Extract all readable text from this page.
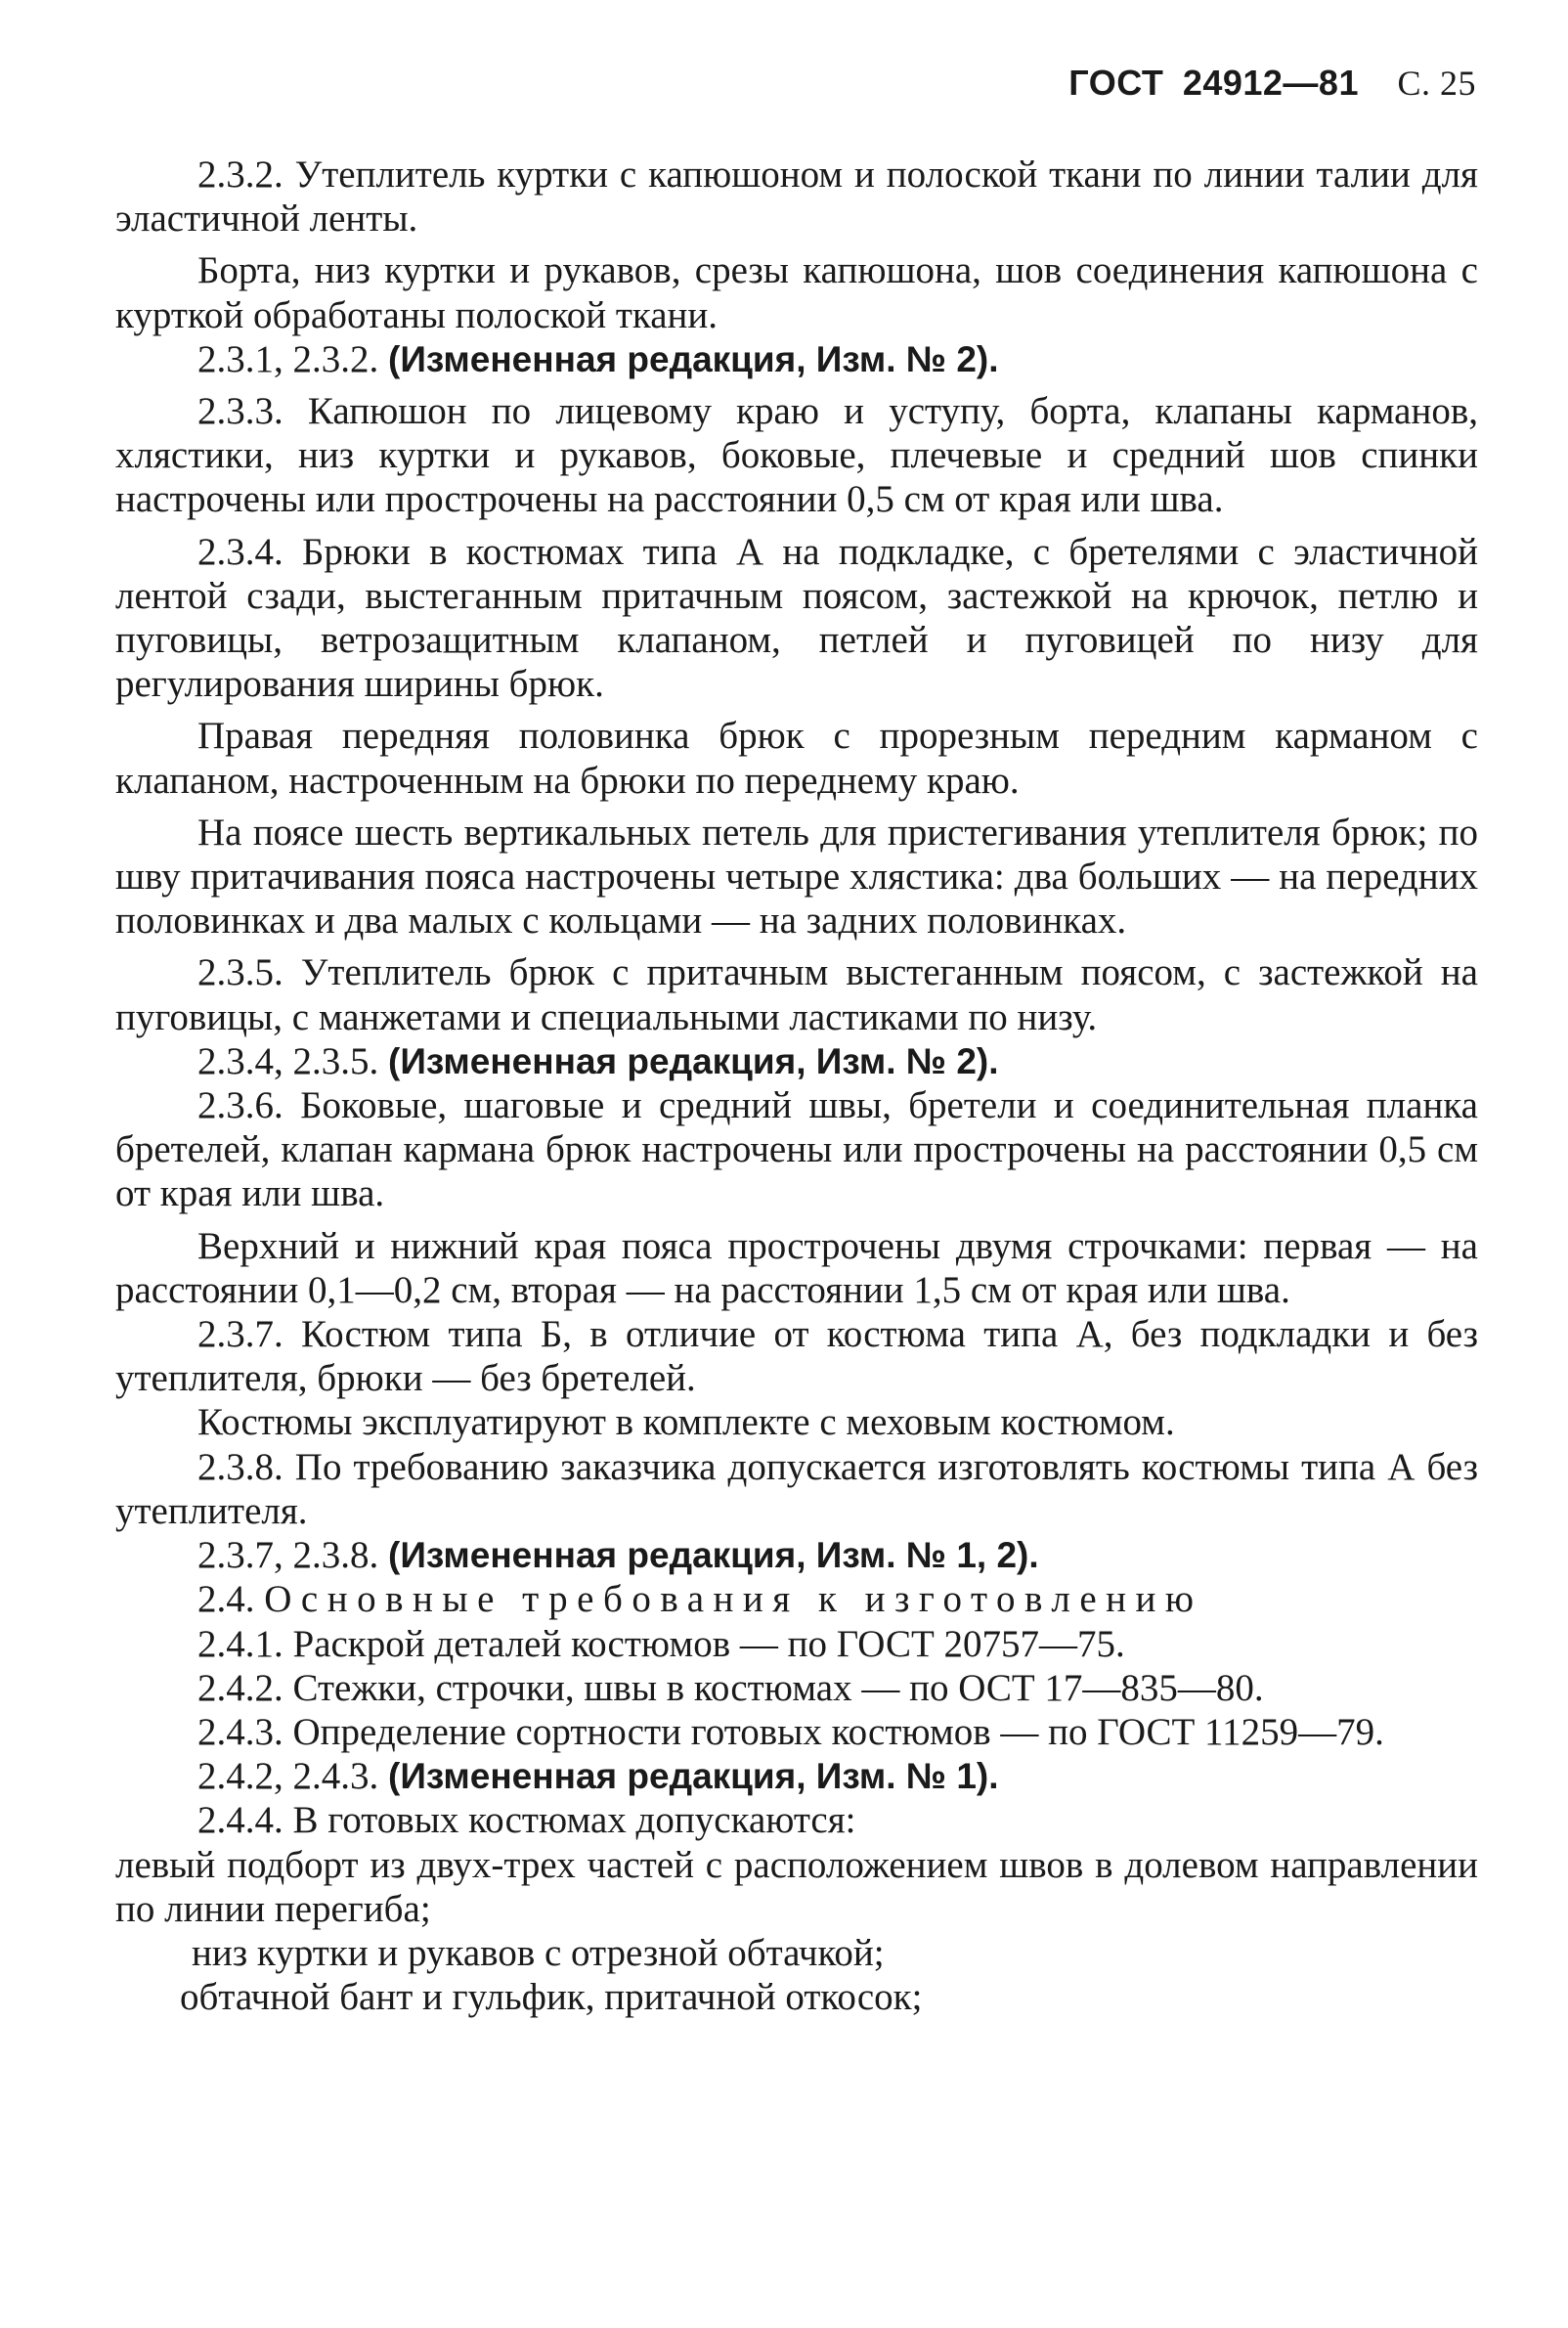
ГОСТ 24912—81 С. 25

2.3.2. Утеплитель куртки с капюшоном и полоской ткани по линии талии для эластичной ленты.

Борта, низ куртки и рукавов, срезы капюшона, шов соединения капюшона с курткой обработаны полоской ткани.

2.3.1, 2.3.2. (Измененная редакция, Изм. № 2).

2.3.3. Капюшон по лицевому краю и уступу, борта, клапаны карманов, хлястики, низ куртки и рукавов, боковые, плечевые и средний шов спинки настрочены или прострочены на расстоянии 0,5 см от края или шва.

2.3.4. Брюки в костюмах типа А на подкладке, с бретелями с эластичной лентой сзади, выстеганным притачным поясом, застежкой на крючок, петлю и пуговицы, ветрозащитным клапаном, петлей и пуговицей по низу для регулирования ширины брюк.

Правая передняя половинка брюк с прорезным передним карманом с клапаном, настроченным на брюки по переднему краю.

На поясе шесть вертикальных петель для пристегивания утеплителя брюк; по шву притачивания пояса настрочены четыре хлястика: два больших — на передних половинках и два малых с кольцами — на задних половинках.

2.3.5. Утеплитель брюк с притачным выстеганным поясом, с застежкой на пуговицы, с манжетами и специальными ластиками по низу.

2.3.4, 2.3.5. (Измененная редакция, Изм. № 2).

2.3.6. Боковые, шаговые и средний швы, бретели и соединительная планка бретелей, клапан кармана брюк настрочены или прострочены на расстоянии 0,5 см от края или шва.

Верхний и нижний края пояса прострочены двумя строчками: первая — на расстоянии 0,1—0,2 см, вторая — на расстоянии 1,5 см от края или шва.

2.3.7. Костюм типа Б, в отличие от костюма типа А, без подкладки и без утеплителя, брюки — без бретелей.

Костюмы эксплуатируют в комплекте с меховым костюмом.

2.3.8. По требованию заказчика допускается изготовлять костюмы типа А без утеплителя.

2.3.7, 2.3.8. (Измененная редакция, Изм. № 1, 2).

2.4. Основные требования к изготовлению

2.4.1. Раскрой деталей костюмов — по ГОСТ 20757—75.

2.4.2. Стежки, строчки, швы в костюмах — по ОСТ 17—835—80.

2.4.3. Определение сортности готовых костюмов — по ГОСТ 11259—79.

2.4.2, 2.4.3. (Измененная редакция, Изм. № 1).

2.4.4. В готовых костюмах допускаются:

левый подборт из двух-трех частей с расположением швов в долевом направлении по линии перегиба;

низ куртки и рукавов с отрезной обтачкой;

обтачной бант и гульфик, притачной откосок;
